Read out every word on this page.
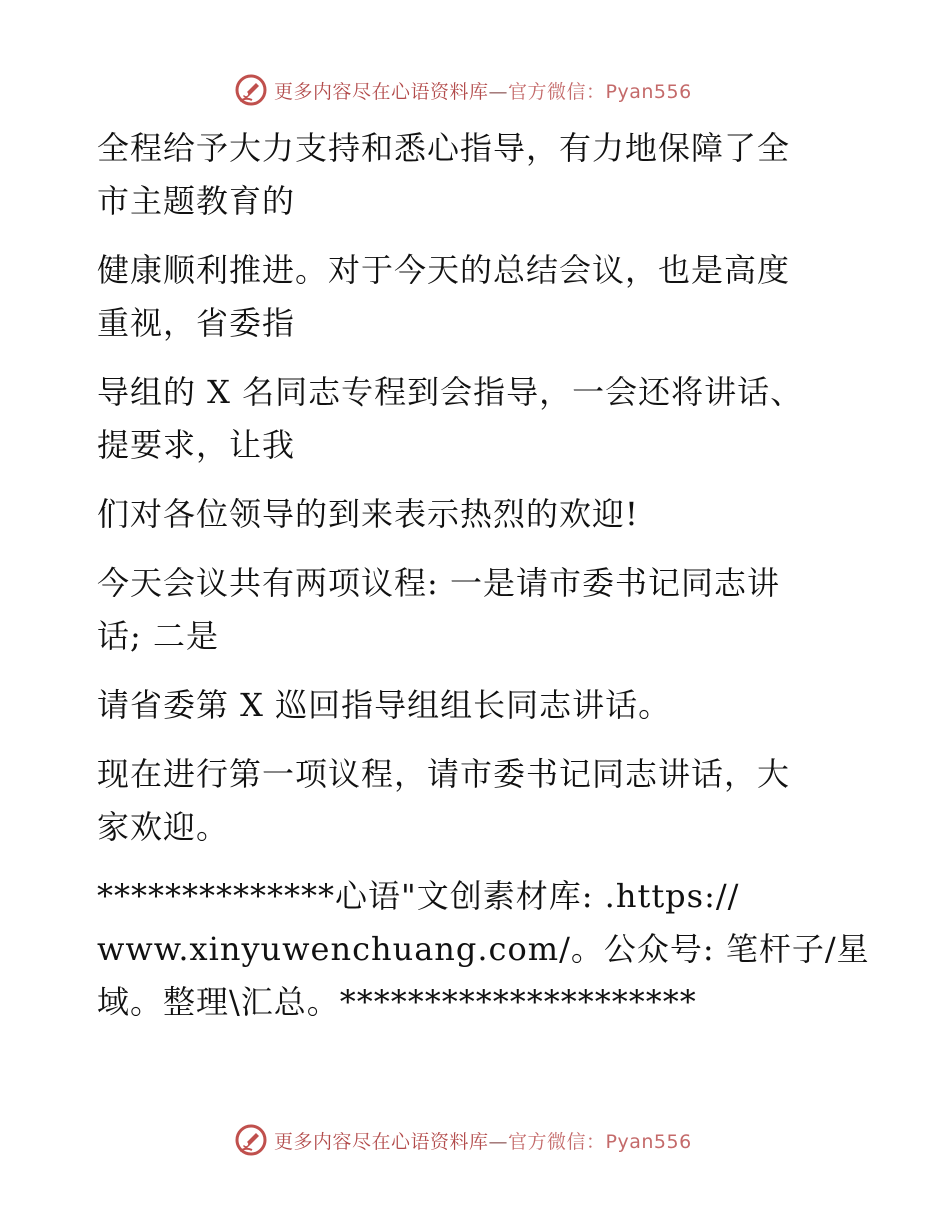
更多内容尽在心语资料库—官方微信：Pyan556
全程给予大力支持和悉心指导，有力地保障了全
市主题教育的
健康顺利推进。对于今天的总结会议，也是高度
重视，省委指
导组的 X 名同志专程到会指导，一会还将讲话、
提要求，让我
们对各位领导的到来表示热烈的欢迎!
今天会议共有两项议程: 一是请市委书记同志讲
话; 二是
请省委第 X 巡回指导组组长同志讲话。
现在进行第一项议程，请市委书记同志讲话，大
家欢迎。
**************心语"文创素材库: .https://
www.xinyuwenchuang.com/。公众号: 笔杆子/星
域。整理\汇总。*********************
更多内容尽在心语资料库—官方微信：Pyan556
